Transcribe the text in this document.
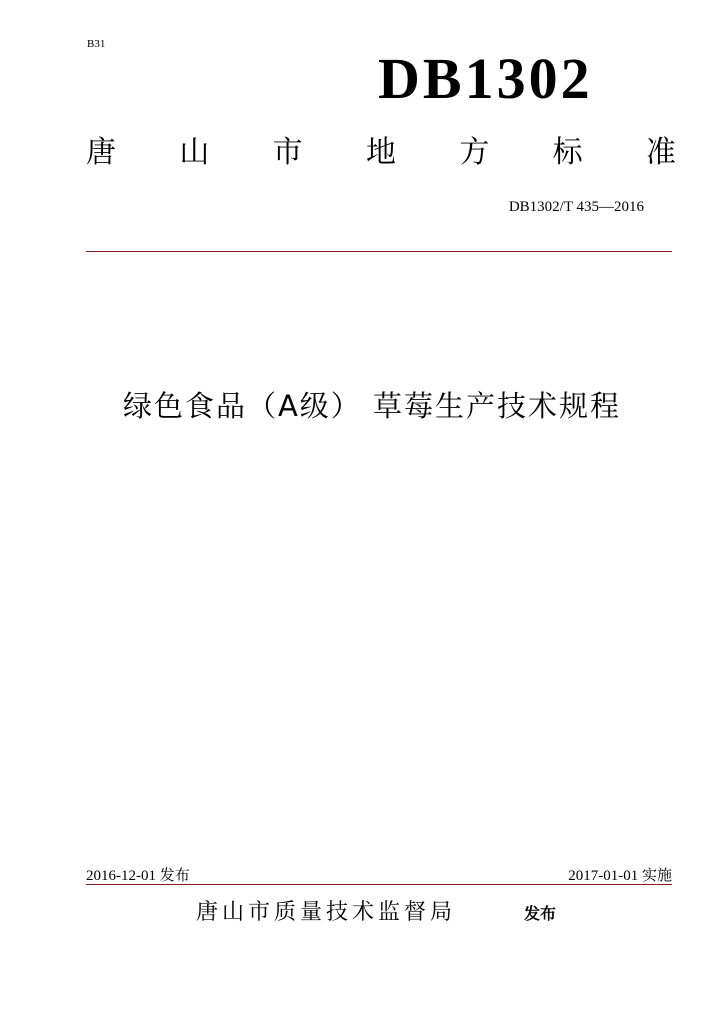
B31
DB1302
唐 山 市 地 方 标 准
DB1302/T 435—2016
绿色食品（A级） 草莓生产技术规程
2016-12-01 发布	2017-01-01 实施
唐山市质量技术监督局	发布
